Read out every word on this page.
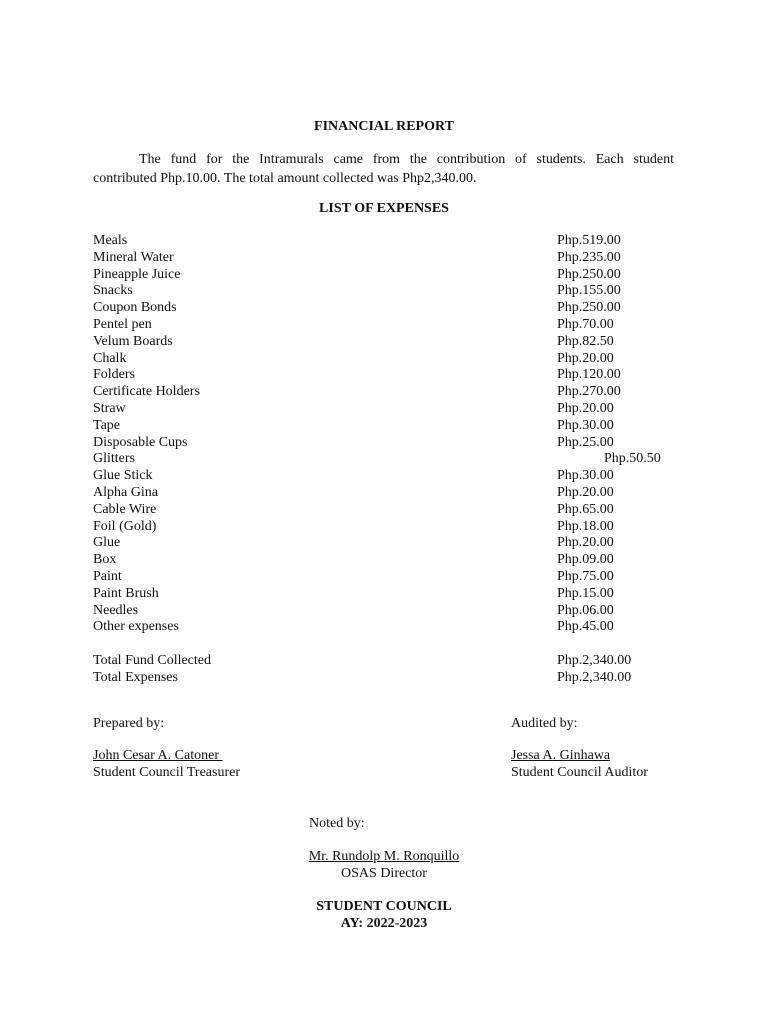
FINANCIAL REPORT

The fund for the Intramurals came from the contribution of students. Each student

contributed Php.10.00. The total amount collected was Php2,340.00.

LIST OF EXPENSES
Meals	Php.519.00
Mineral Water	Php.235.00
Pineapple Juice	Php.250.00
Snacks	Php.155.00
Coupon Bonds	Php.250.00
Pentel pen	Php.70.00
Velum Boards	Php.82.50
Chalk	Php.20.00
Folders	Php.120.00
Certificate Holders	Php.270.00
Straw	Php.20.00
Tape	Php.30.00
Disposable Cups	Php.25.00
Glitters	Php.50.50
Glue Stick	Php.30.00
Alpha Gina	Php.20.00
Cable Wire	Php.65.00
Foil (Gold)	Php.18.00
Glue	Php.20.00
Box	Php.09.00
Paint	Php.75.00
Paint Brush	Php.15.00
Needles	Php.06.00
Other expenses	Php.45.00
Total Fund Collected	Php.2,340.00
Total Expenses	Php.2,340.00
Prepared by:
John Cesar A. Catoner
Student Council Treasurer
Audited by:
Jessa A. Ginhawa
Student Council Auditor
Noted by:
Mr. Rundolp M. Ronquillo
OSAS Director
STUDENT COUNCIL
AY: 2022-2023
